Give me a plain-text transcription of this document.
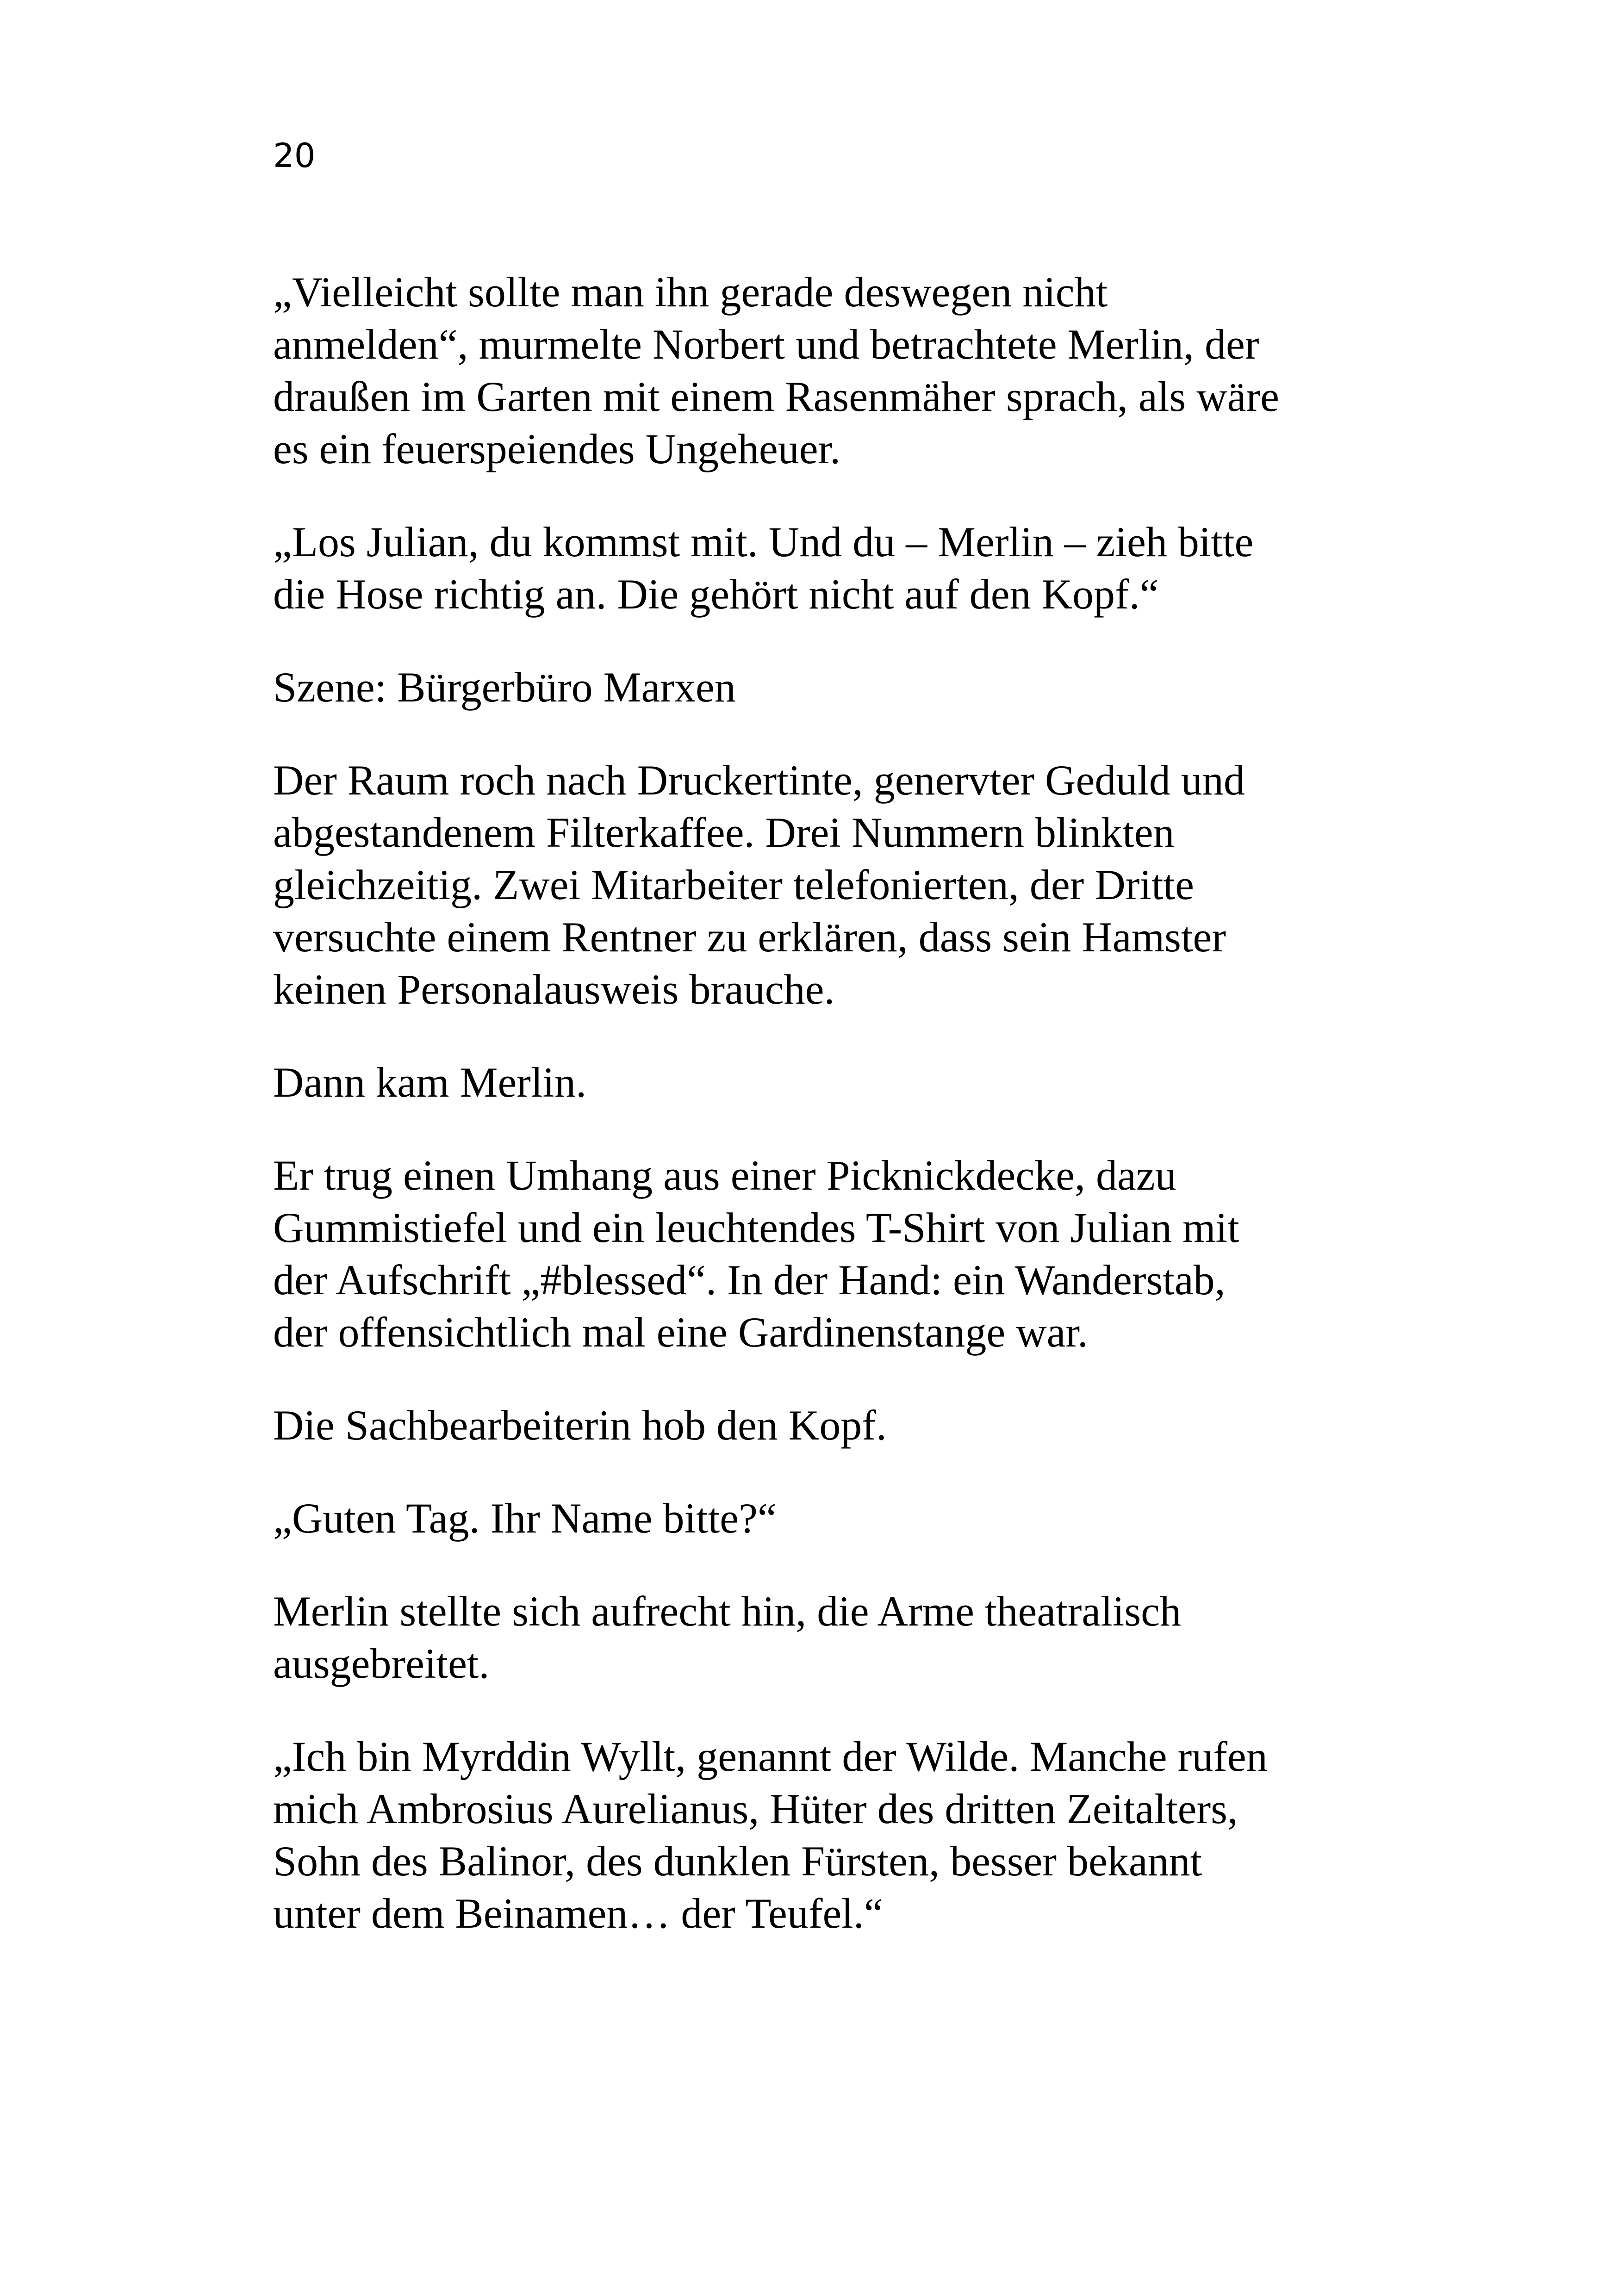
20

„Vielleicht sollte man ihn gerade deswegen nicht
anmelden“, murmelte Norbert und betrachtete Merlin, der
draußen im Garten mit einem Rasenmäher sprach, als wäre
es ein feuerspeiendes Ungeheuer.

„Los Julian, du kommst mit. Und du – Merlin – zieh bitte
die Hose richtig an. Die gehört nicht auf den Kopf.“

Szene: Bürgerbüro Marxen

Der Raum roch nach Druckertinte, genervter Geduld und
abgestandenem Filterkaffee. Drei Nummern blinkten
gleichzeitig. Zwei Mitarbeiter telefonierten, der Dritte
versuchte einem Rentner zu erklären, dass sein Hamster
keinen Personalausweis brauche.

Dann kam Merlin.

Er trug einen Umhang aus einer Picknickdecke, dazu
Gummistiefel und ein leuchtendes T-Shirt von Julian mit
der Aufschrift „#blessed“. In der Hand: ein Wanderstab,
der offensichtlich mal eine Gardinenstange war.

Die Sachbearbeiterin hob den Kopf.

„Guten Tag. Ihr Name bitte?“

Merlin stellte sich aufrecht hin, die Arme theatralisch
ausgebreitet.

„Ich bin Myrddin Wyllt, genannt der Wilde. Manche rufen
mich Ambrosius Aurelianus, Hüter des dritten Zeitalters,
Sohn des Balinor, des dunklen Fürsten, besser bekannt
unter dem Beinamen… der Teufel.“
